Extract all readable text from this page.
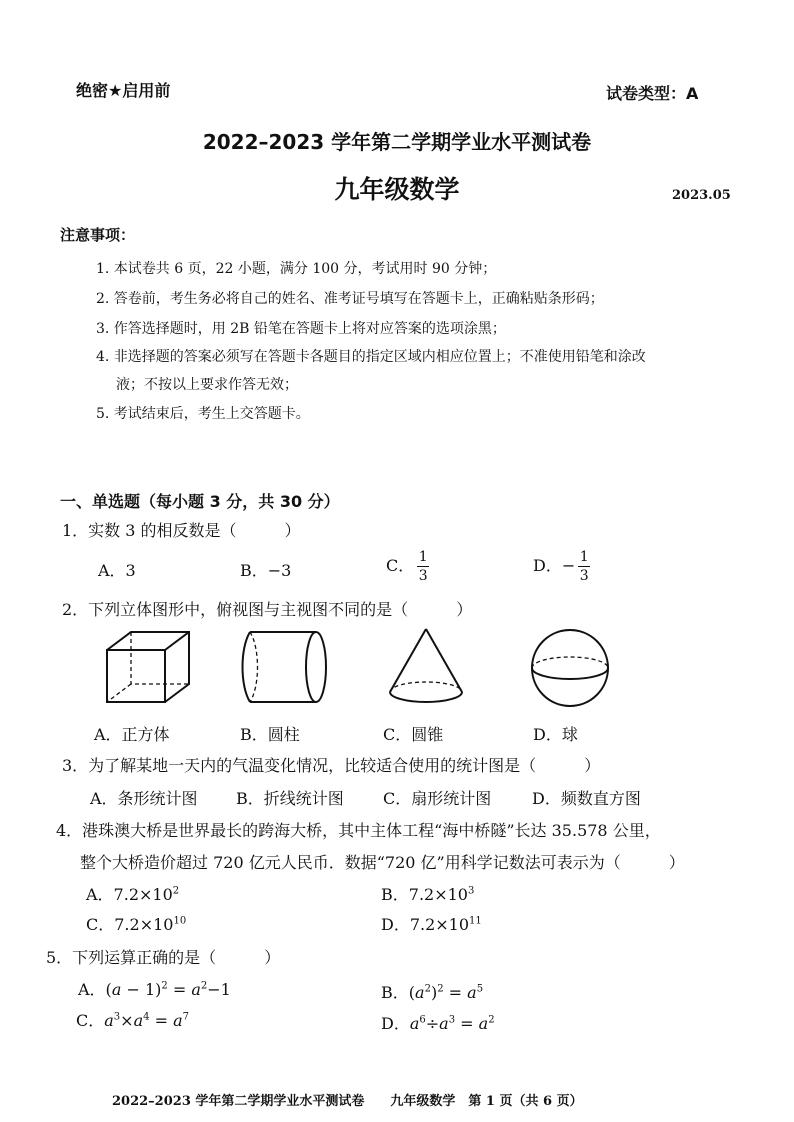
绝密★启用前	试卷类型：A
2022–2023 学年第二学期学业水平测试卷
九年级数学	2023.05
注意事项：
1. 本试卷共 6 页，22 小题，满分 100 分，考试用时 90 分钟；
2. 答卷前，考生务必将自己的姓名、准考证号填写在答题卡上，正确粘贴条形码；
3. 作答选择题时，用 2B 铅笔在答题卡上将对应答案的选项涂黑；
4. 非选择题的答案必须写在答题卡各题目的指定区域内相应位置上；不准使用铅笔和涂改
液；不按以上要求作答无效；
5. 考试结束后，考生上交答题卡。
一、单选题（每小题 3 分，共 30 分）
1．实数 3 的相反数是（	）
A．3	B．−3	C． $\frac{1}{3}$	D．− $\frac{1}{3}$
2．下列立体图形中，俯视图与主视图不同的是（	）
A．正方体	B．圆柱	C．圆锥	D．球
3．为了解某地一天内的气温变化情况，比较适合使用的统计图是（	）
A．条形统计图 B．折线统计图 C．扇形统计图	D．频数直方图
4．港珠澳大桥是世界最长的跨海大桥，其中主体工程“海中桥隧”长达 35.578 公里，
整个大桥造价超过 720 亿元人民币．数据“720 亿”用科学记数法可表示为（	）
A．$7.2\times 10^2$	B．$7.2\times 10^3$
C．$7.2\times 10^{10}$	D．$7.2\times 10^{11}$
5．下列运算正确的是（	）
A．$(a - 1)^2 = a^2-1$	B．$(a^2)^2 = a^5$
C．$a^3\times a^4 = a^7$	D．$a^6\div a^3 = a^2$
2022–2023 学年第二学期学业水平测试卷　　九年级数学　第 1 页（共 6 页）
